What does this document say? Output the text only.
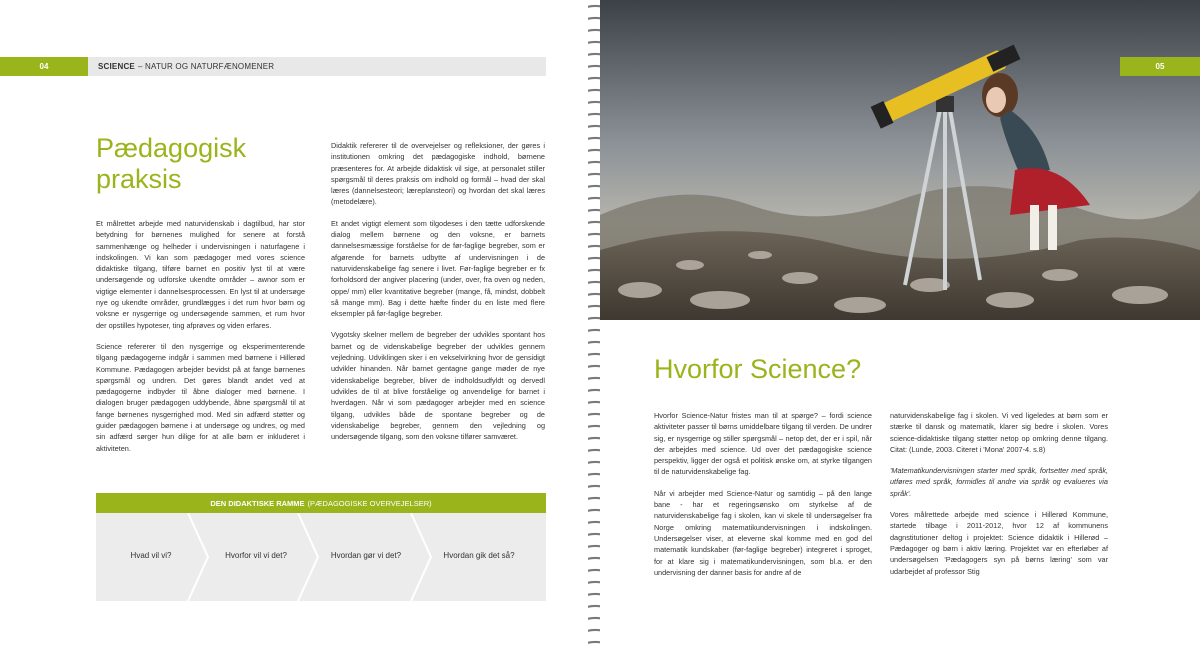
04	SCIENCE – NATUR OG NATURFÆNOMENER
Pædagogisk praksis

Et målrettet arbejde med naturvidenskab i dagtilbud, har stor betydning for børnenes mulighed for senere at forstå sammenhænge og helheder i undervisningen i naturfagene i indskolingen. Vi kan som pædagoger med vores science didaktiske tilgang, tilføre barnet en positiv lyst til at være undersøgende og udforske ukendte områder – awnor som er vigtige elementer i dannelsesprocessen. En lyst til at undersøge nye og ukendte områder, grundlægges i det rum hvor børn og voksne er nysgerrige og undersøgende sammen, et rum hvor der opstilles hypoteser, ting afprøves og viden erfares.

Science refererer til den nysgerrige og eksperimenterende tilgang pædagogerne indgår i sammen med børnene i Hillerød Kommune. Pædagogen arbejder bevidst på at fange børnenes spørgsmål og undren. Det gøres blandt andet ved at pædagogerne indbyder til åbne dialoger med børnene. I dialogen bruger pædagogen uddybende, åbne spørgsmål til at fange børnenes nysgerrighed mod. Med sin adfærd støtter og guider pædagogen børnene i at undersøge og undres, og med sin adfærd sørger hun dilige for at alle børn er inkluderet i aktiviteten.

Didaktik refererer til de overvejelser og refleksioner, der gøres i institutionen omkring det pædagogiske indhold, børnene præsenteres for. At arbejde didaktisk vil sige, at personalet stiller spørgsmål til deres praksis om indhold og formål – hvad der skal læres (dannelsesteori; læreplansteori) og hvordan det skal læres (metodelære).

Et andet vigtigt element som tilgodeses i den tætte udforskende dialog mellem børnene og den voksne, er barnets dannelsesmæssige forståelse for de før-faglige begreber, som er afgørende for barnets udbytte af undervisningen i de naturvidenskabelige fag senere i livet. Før-faglige begreber er fx forholdsord der angiver placering (under, over, fra oven og neden, oppe/ mm) eller kvantitative begreber (mange, få, mindst, dobbelt så mange mm). Bag i dette hæfte finder du en liste med flere eksempler på før-faglige begreber.

Vygotsky skelner mellem de begreber der udvikles spontant hos barnet og de videnskabelige begreber der udvikles gennem vejledning. Udviklingen sker i en vekselvirkning hvor de gensidigt udvikler hinanden. Når barnet gentagne gange møder de nye videnskabelige begreber, bliver de indholdsudfyldt og dervedl udvikles de til at blive forståelige og anvendelige for barnet i hverdagen. Når vi som pædagoger arbejder med en science tilgang, udvikles både de spontane begreber og de videnskabelige begreber, gennem den vejledning og undersøgende tilgang, som den voksne tilfører samværet.

DEN DIDAKTISKE RAMME (PÆDAGOGISKE OVERVEJELSER)
Hvad vil vi?	Hvorfor vil vi det?	Hvordan gør vi det?	Hvordan gik det så?
05
Hvorfor Science?

Hvorfor Science-Natur fristes man til at spørge? – fordi science aktiviteter passer til børns umiddelbare tilgang til verden. De undrer sig, er nysgerrige og stiller spørgsmål – netop det, der er i spil, når der arbejdes med science. Ud over det pædagogiske science perspektiv, ligger der også et politisk ønske om, at styrke tilgangen til de naturvidenskabelige fag.

Når vi arbejder med Science-Natur og samtidig – på den lange bane - har et regeringsønsko om styrkelse af de naturvidenskabelige fag i skolen, kan vi skele til undersøgelser fra Norge omkring matematikundervisningen i indskolingen. Undersøgelser viser, at eleverne skal komme med en god del matematik kundskaber (før-faglige begreber) integreret i sproget, for at klare sig i matematikundervisningen, som bl.a. er den undervisning der danner basis for andre af de

naturvidenskabelige fag i skolen. Vi ved ligeledes at børn som er stærke til dansk og matematik, klarer sig bedre i skolen. Vores science-didaktiske tilgang støtter netop op omkring denne tilgang. Citat: (Lunde, 2003. Citeret i 'Mona' 2007-4. s.8)

'Matematikundervisningen starter med språk, fortsetter med språk, utføres med språk, formidles til andre via språk og evalueres via språk'.

Vores målrettede arbejde med science i Hillerød Kommune, startede tilbage i 2011-2012, hvor 12 af kommunens dagnstitutioner deltog i projektet: Science didaktik i Hillerød – Pædagoger og børn i aktiv læring. Projektet var en efterløber af undersøgelsen 'Pædagogers syn på børns læring' som var udarbejdet af professor Stig
